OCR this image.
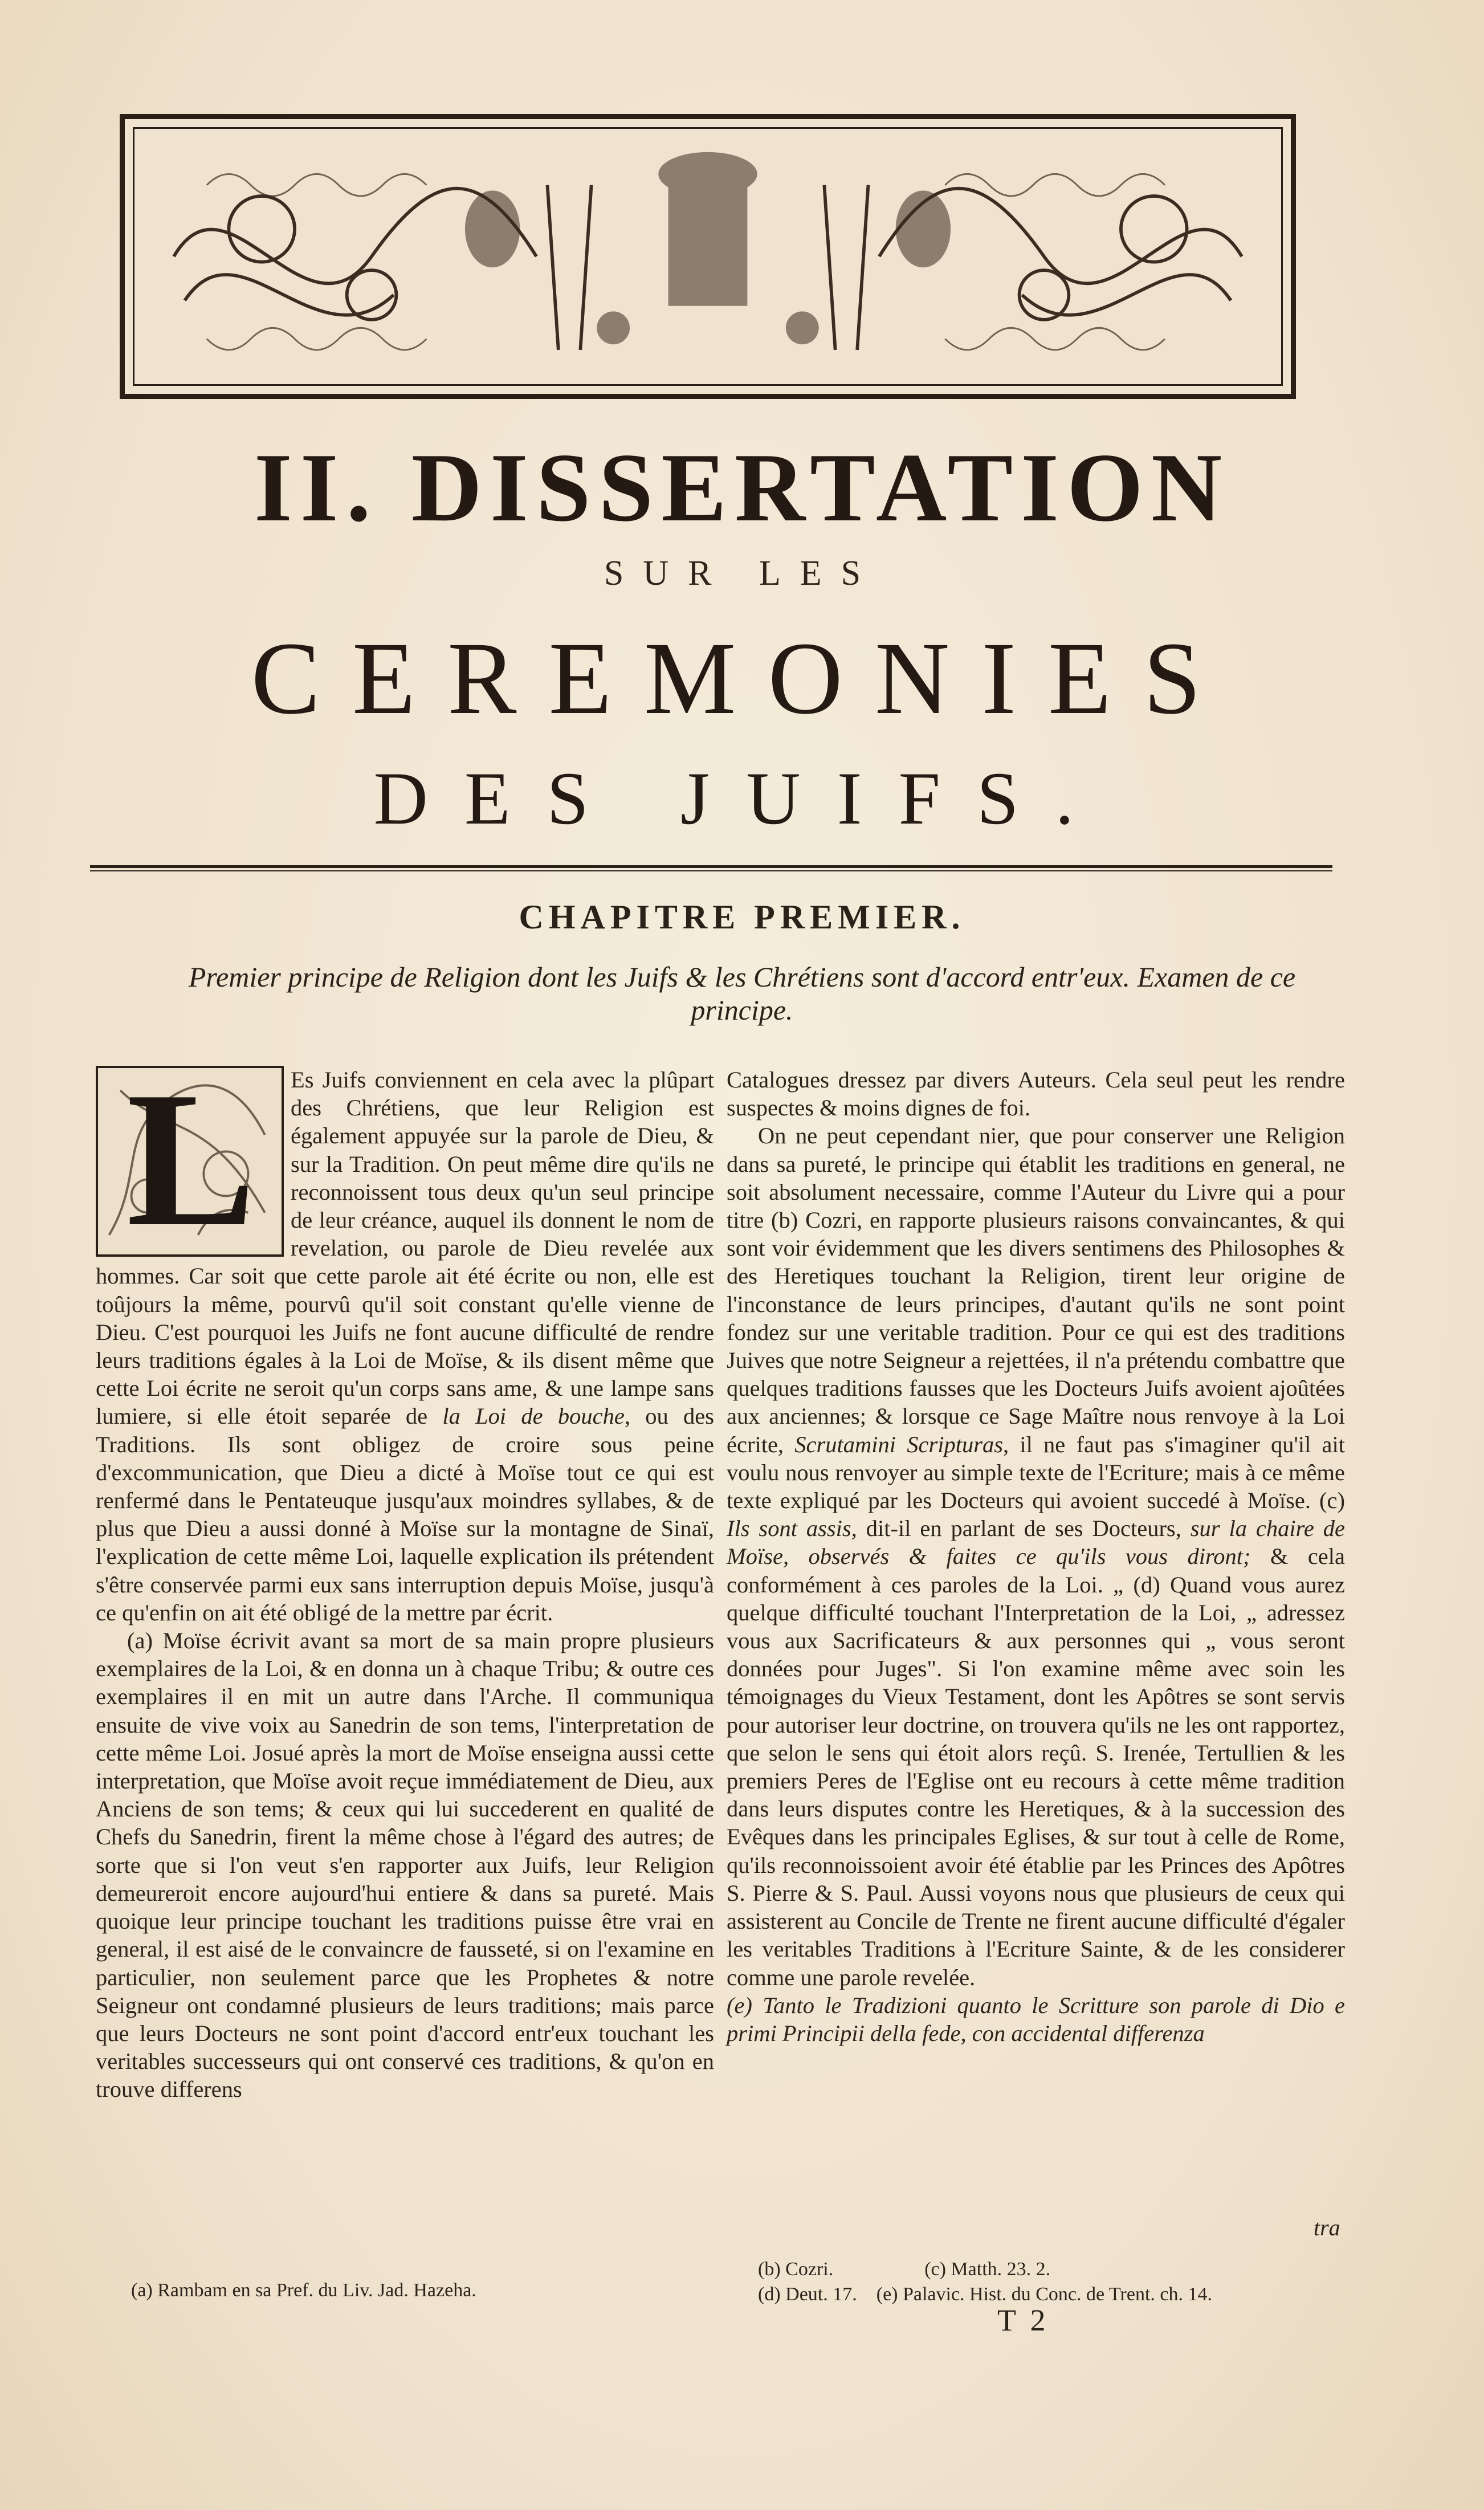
II. DISSERTATION
SUR LES
CEREMONIES
DES JUIFS.
CHAPITRE PREMIER.
Premier principe de Religion dont les Juifs & les Chrétiens sont d'accord entr'eux. Examen de ce principe.
L	Es Juifs conviennent en cela avec la plûpart des Chrétiens, que leur Religion est également appuyée sur la parole de Dieu, & sur la Tradition. On peut même dire qu'ils ne reconnoissent tous deux qu'un seul principe de leur créance, auquel ils donnent le nom de revelation, ou parole de Dieu revelée aux hommes. Car soit que cette parole ait été écrite ou non, elle est toûjours la même, pourvû qu'il soit constant qu'elle vienne de Dieu. C'est pourquoi les Juifs ne font aucune difficulté de rendre leurs traditions égales à la Loi de Moïse, & ils disent même que cette Loi écrite ne seroit qu'un corps sans ame, & une lampe sans lumiere, si elle étoit separée de la Loi de bouche, ou des Traditions. Ils sont obligez de croire sous peine d'excommunication, que Dieu a dicté à Moïse tout ce qui est renfermé dans le Pentateuque jusqu'aux moindres syllabes, & de plus que Dieu a aussi donné à Moïse sur la montagne de Sinaï, l'explication de cette même Loi, laquelle explication ils prétendent s'être conservée parmi eux sans interruption depuis Moïse, jusqu'à ce qu'enfin on ait été obligé de la mettre par écrit.

(a) Moïse écrivit avant sa mort de sa main propre plusieurs exemplaires de la Loi, & en donna un à chaque Tribu; & outre ces exemplaires il en mit un autre dans l'Arche. Il communiqua ensuite de vive voix au Sanedrin de son tems, l'interpretation de cette même Loi. Josué après la mort de Moïse enseigna aussi cette interpretation, que Moïse avoit reçue immédiatement de Dieu, aux Anciens de son tems; & ceux qui lui succederent en qualité de Chefs du Sanedrin, firent la même chose à l'égard des autres; de sorte que si l'on veut s'en rapporter aux Juifs, leur Religion demeureroit encore aujourd'hui entiere & dans sa pureté. Mais quoique leur principe touchant les traditions puisse être vrai en general, il est aisé de le convaincre de fausseté, si on l'examine en particulier, non seulement parce que les Prophetes & notre Seigneur ont condamné plusieurs de leurs traditions; mais parce que leurs Docteurs ne sont point d'accord entr'eux touchant les veritables successeurs qui ont conservé ces traditions, & qu'on en trouve differens

Catalogues dressez par divers Auteurs. Cela seul peut les rendre suspectes & moins dignes de foi.

On ne peut cependant nier, que pour conserver une Religion dans sa pureté, le principe qui établit les traditions en general, ne soit absolument necessaire, comme l'Auteur du Livre qui a pour titre (b) Cozri, en rapporte plusieurs raisons convaincantes, & qui sont voir évidemment que les divers sentimens des Philosophes & des Heretiques touchant la Religion, tirent leur origine de l'inconstance de leurs principes, d'autant qu'ils ne sont point fondez sur une veritable tradition. Pour ce qui est des traditions Juives que notre Seigneur a rejettées, il n'a prétendu combattre que quelques traditions fausses que les Docteurs Juifs avoient ajoûtées aux anciennes; & lorsque ce Sage Maître nous renvoye à la Loi écrite, Scrutamini Scripturas, il ne faut pas s'imaginer qu'il ait voulu nous renvoyer au simple texte de l'Ecriture; mais à ce même texte expliqué par les Docteurs qui avoient succedé à Moïse. (c) Ils sont assis, dit-il en parlant de ses Docteurs, sur la chaire de Moïse, observés & faites ce qu'ils vous diront; & cela conformément à ces paroles de la Loi. „ (d) Quand vous aurez quelque difficulté touchant l'Interpretation de la Loi, „ adressez vous aux Sacrificateurs & aux personnes qui „ vous seront données pour Juges". Si l'on examine même avec soin les témoignages du Vieux Testament, dont les Apôtres se sont servis pour autoriser leur doctrine, on trouvera qu'ils ne les ont rapportez, que selon le sens qui étoit alors reçû. S. Irenée, Tertullien & les premiers Peres de l'Eglise ont eu recours à cette même tradition dans leurs disputes contre les Heretiques, & à la succession des Evêques dans les principales Eglises, & sur tout à celle de Rome, qu'ils reconnoissoient avoir été établie par les Princes des Apôtres S. Pierre & S. Paul. Aussi voyons nous que plusieurs de ceux qui assisterent au Concile de Trente ne firent aucune difficulté d'égaler les veritables Traditions à l'Ecriture Sainte, & de les considerer comme une parole revelée.

(e) Tanto le Tradizioni quanto le Scritture son parole di Dio e primi Principii della fede, con accidental differenza

tra
(a) Rambam en sa Pref. du Liv. Jad. Hazeha.
(b) Cozri.	(c) Matth. 23. 2.
(d) Deut. 17. (e) Palavic. Hist. du Conc. de Trent. ch. 14.
T 2
